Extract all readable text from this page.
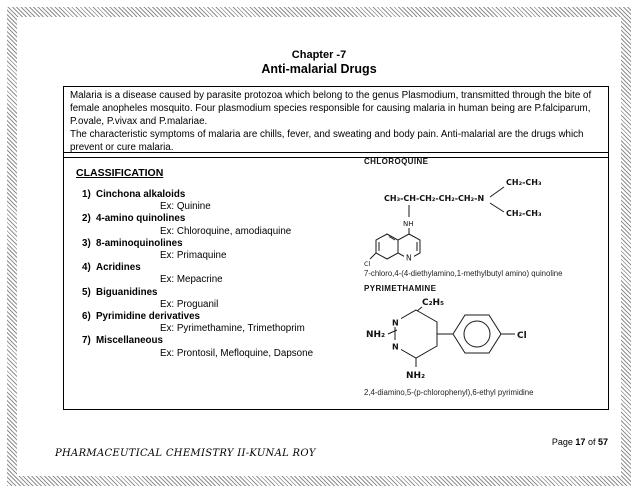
Chapter -7
Anti-malarial Drugs
Malaria is a disease caused by parasite protozoa which belong to the genus Plasmodium, transmitted through the bite of female anopheles mosquito. Four plasmodium species responsible for causing malaria in human being are P.falciparum, P.ovale, P.vivax and P.malariae.
The characteristic symptoms of malaria are chills, fever, and sweating and body pain. Anti-malarial are the drugs which prevent or cure malaria.
CLASSIFICATION
1) Cinchona alkaloids
Ex: Quinine
2) 4-amino quinolines
Ex: Chloroquine, amodiaquine
3) 8-aminoquinolines
Ex: Primaquine
4) Acridines
Ex: Mepacrine
5) Biguanidines
Ex: Proguanil
6) Pyrimidine derivatives
Ex: Pyrimethamine, Trimethoprim
7) Miscellaneous
Ex: Prontosil, Mefloquine, Dapsone
CHLOROQUINE
CH₂-CH₃
CH₃-CH-CH₂-CH₂-CH₂-N
CH₂-CH₃
NH
N
Cl
7-chloro,4-(4-diethylamino,1-methylbutyl amino) quinoline
PYRIMETHAMINE
NH₂
N
N
C₂H₅
NH₂
Cl
2,4-diamino,5-(p-chlorophenyl),6-ethyl pyrimidine
Page 17 of 57
PHARMACEUTICAL CHEMISTRY II-KUNAL ROY
